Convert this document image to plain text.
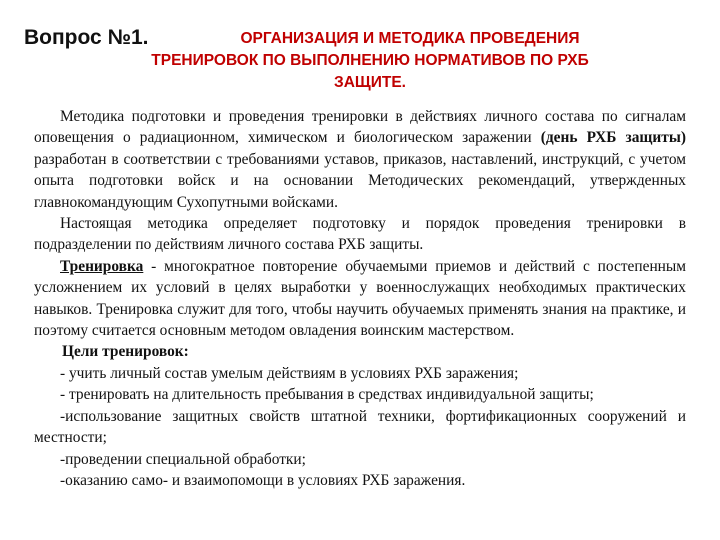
Вопрос №1.	ОРГАНИЗАЦИЯ И МЕТОДИКА ПРОВЕДЕНИЯ
ТРЕНИРОВОК ПО ВЫПОЛНЕНИЮ НОРМАТИВОВ ПО РХБ
ЗАЩИТЕ.

Методика подготовки и проведения тренировки в действиях личного состава по сигналам оповещения о радиационном, химическом и биологическом заражении (день РХБ защиты) разработан в соответствии с требованиями уставов, приказов, наставлений, инструкций, с учетом опыта подготовки войск и на основании Методических рекомендаций, утвержденных главнокомандующим Сухопутными войсками.

Настоящая методика определяет подготовку и порядок проведения тренировки в подразделении по действиям личного состава РХБ защиты.

Тренировка - многократное повторение обучаемыми приемов и действий с постепенным усложнением их условий в целях выработки у военнослужащих необходимых практических навыков. Тренировка служит для того, чтобы научить обучаемых применять знания на практике, и поэтому считается основным методом овладения воинским мастерством.

Цели тренировок:

- учить личный состав умелым действиям в условиях РХБ заражения;

- тренировать на длительность пребывания в средствах индивидуальной защиты;

-использование защитных свойств штатной техники, фортификационных сооружений и местности;

-проведении специальной обработки;

-оказанию само- и взаимопомощи в условиях РХБ заражения.
